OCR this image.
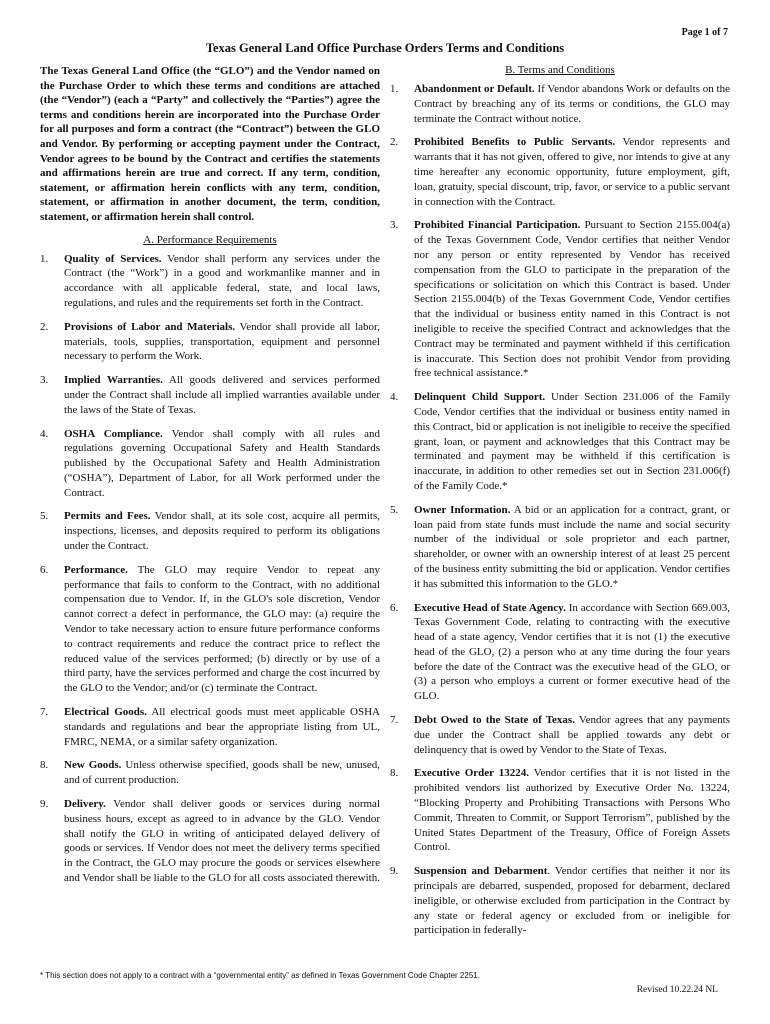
Page 1 of 7
Texas General Land Office Purchase Orders Terms and Conditions

The Texas General Land Office (the “GLO”) and the Vendor named on the Purchase Order to which these terms and conditions are attached (the “Vendor”) (each a “Party” and collectively the “Parties”) agree the terms and conditions herein are incorporated into the Purchase Order for all purposes and form a contract (the “Contract”) between the GLO and Vendor. By performing or accepting payment under the Contract, Vendor agrees to be bound by the Contract and certifies the statements and affirmations herein are true and correct. If any term, condition, statement, or affirmation herein conflicts with any term, condition, statement, or affirmation in another document, the term, condition, statement, or affirmation herein shall control.

A. Performance Requirements
1.	Quality of Services. Vendor shall perform any services under the Contract (the “Work”) in a good and workmanlike manner and in accordance with all applicable federal, state, and local laws, regulations, and rules and the requirements set forth in the Contract.
2.	Provisions of Labor and Materials. Vendor shall provide all labor, materials, tools, supplies, transportation, equipment and personnel necessary to perform the Work.
3.	Implied Warranties. All goods delivered and services performed under the Contract shall include all implied warranties available under the laws of the State of Texas.
4.	OSHA Compliance. Vendor shall comply with all rules and regulations governing Occupational Safety and Health Standards published by the Occupational Safety and Health Administration (“OSHA”), Department of Labor, for all Work performed under the Contract.
5.	Permits and Fees. Vendor shall, at its sole cost, acquire all permits, inspections, licenses, and deposits required to perform its obligations under the Contract.
6.	Performance. The GLO may require Vendor to repeat any performance that fails to conform to the Contract, with no additional compensation due to Vendor. If, in the GLO's sole discretion, Vendor cannot correct a defect in performance, the GLO may: (a) require the Vendor to take necessary action to ensure future performance conforms to contract requirements and reduce the contract price to reflect the reduced value of the services performed; (b) directly or by use of a third party, have the services performed and charge the cost incurred by the GLO to the Vendor; and/or (c) terminate the Contract.
7.	Electrical Goods. All electrical goods must meet applicable OSHA standards and regulations and bear the appropriate listing from UL, FMRC, NEMA, or a similar safety organization.
8.	New Goods. Unless otherwise specified, goods shall be new, unused, and of current production.
9.	Delivery. Vendor shall deliver goods or services during normal business hours, except as agreed to in advance by the GLO. Vendor shall notify the GLO in writing of anticipated delayed delivery of goods or services. If Vendor does not meet the delivery terms specified in the Contract, the GLO may procure the goods or services elsewhere and Vendor shall be liable to the GLO for all costs associated therewith.
B. Terms and Conditions
1.	Abandonment or Default. If Vendor abandons Work or defaults on the Contract by breaching any of its terms or conditions, the GLO may terminate the Contract without notice.
2.	Prohibited Benefits to Public Servants. Vendor represents and warrants that it has not given, offered to give, nor intends to give at any time hereafter any economic opportunity, future employment, gift, loan, gratuity, special discount, trip, favor, or service to a public servant in connection with the Contract.
3.	Prohibited Financial Participation. Pursuant to Section 2155.004(a) of the Texas Government Code, Vendor certifies that neither Vendor nor any person or entity represented by Vendor has received compensation from the GLO to participate in the preparation of the specifications or solicitation on which this Contract is based. Under Section 2155.004(b) of the Texas Government Code, Vendor certifies that the individual or business entity named in this Contract is not ineligible to receive the specified Contract and acknowledges that the Contract may be terminated and payment withheld if this certification is inaccurate. This Section does not prohibit Vendor from providing free technical assistance.*
4.	Delinquent Child Support. Under Section 231.006 of the Family Code, Vendor certifies that the individual or business entity named in this Contract, bid or application is not ineligible to receive the specified grant, loan, or payment and acknowledges that this Contract may be terminated and payment may be withheld if this certification is inaccurate, in addition to other remedies set out in Section 231.006(f) of the Family Code.*
5.	Owner Information. A bid or an application for a contract, grant, or loan paid from state funds must include the name and social security number of the individual or sole proprietor and each partner, shareholder, or owner with an ownership interest of at least 25 percent of the business entity submitting the bid or application. Vendor certifies it has submitted this information to the GLO.*
6.	Executive Head of State Agency. In accordance with Section 669.003, Texas Government Code, relating to contracting with the executive head of a state agency, Vendor certifies that it is not (1) the executive head of the GLO, (2) a person who at any time during the four years before the date of the Contract was the executive head of the GLO, or (3) a person who employs a current or former executive head of the GLO.
7.	Debt Owed to the State of Texas. Vendor agrees that any payments due under the Contract shall be applied towards any debt or delinquency that is owed by Vendor to the State of Texas.
8.	Executive Order 13224. Vendor certifies that it is not listed in the prohibited vendors list authorized by Executive Order No. 13224, “Blocking Property and Prohibiting Transactions with Persons Who Commit, Threaten to Commit, or Support Terrorism”, published by the United States Department of the Treasury, Office of Foreign Assets Control.
9.	Suspension and Debarment. Vendor certifies that neither it nor its principals are debarred, suspended, proposed for debarment, declared ineligible, or otherwise excluded from participation in the Contract by any state or federal agency or excluded from or ineligible for participation in federally-
* This section does not apply to a contract with a “governmental entity” as defined in Texas Government Code Chapter 2251.
Revised 10.22.24 NL
